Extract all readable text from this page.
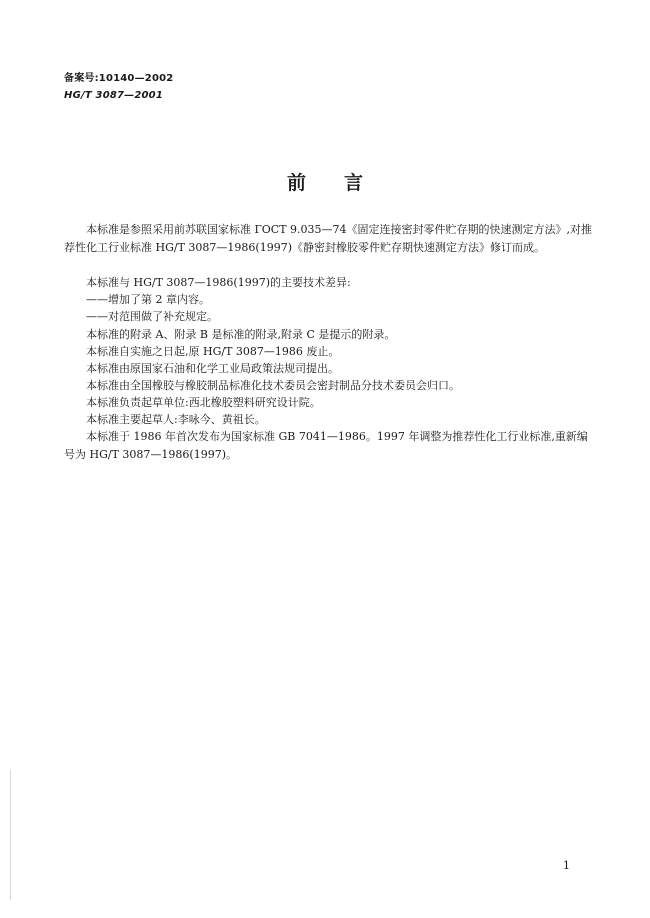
备案号:10140—2002
HG/T 3087—2001
前言

本标准是参照采用前苏联国家标准 ГОСТ 9.035—74《固定连接密封零件贮存期的快速测定方法》,对推荐性化工行业标准 HG/T 3087—1986(1997)《静密封橡胶零件贮存期快速测定方法》修订而成。

本标准与 HG/T 3087—1986(1997)的主要技术差异:
——增加了第 2 章内容。
——对范围做了补充规定。
本标准的附录 A、附录 B 是标准的附录,附录 C 是提示的附录。
本标准自实施之日起,原 HG/T 3087—1986 废止。
本标准由原国家石油和化学工业局政策法规司提出。
本标准由全国橡胶与橡胶制品标准化技术委员会密封制品分技术委员会归口。
本标准负责起草单位:西北橡胶塑料研究设计院。
本标准主要起草人:李咏今、黄祖长。

本标准于 1986 年首次发布为国家标准 GB 7041—1986。1997 年调整为推荐性化工行业标准,重新编号为 HG/T 3087—1986(1997)。

1
